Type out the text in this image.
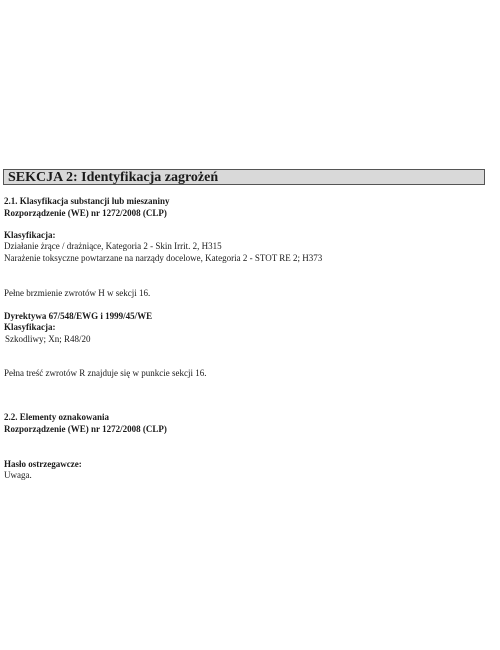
SEKCJA 2: Identyfikacja zagrożeń
2.1. Klasyfikacja substancji lub mieszaniny
Rozporządzenie (WE) nr 1272/2008 (CLP)
Klasyfikacja:
Działanie żrące / drażniące, Kategoria 2 - Skin Irrit. 2, H315
Narażenie toksyczne powtarzane na narządy docelowe, Kategoria 2 - STOT RE 2; H373
Pełne brzmienie zwrotów H w sekcji 16.
Dyrektywa 67/548/EWG i 1999/45/WE
Klasyfikacja:
Szkodliwy; Xn; R48/20
Pełna treść zwrotów R znajduje się w punkcie sekcji 16.
2.2. Elementy oznakowania
Rozporządzenie (WE) nr 1272/2008 (CLP)
Hasło ostrzegawcze:
Uwaga.
